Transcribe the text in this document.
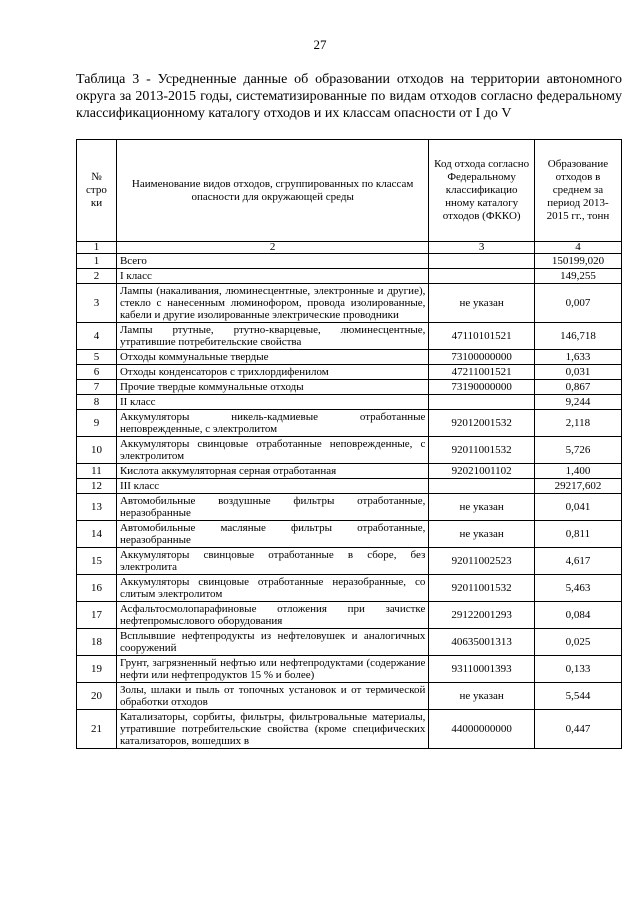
27
Таблица 3 - Усредненные данные об образовании отходов на территории автономного округа за 2013-2015 годы, систематизированные по видам отходов согласно федеральному классификационному каталогу отходов и их классам опасности от I до V
№ стро ки	Наименование видов отходов, сгруппированных по классам опасности для окружающей среды	Код отхода согласно Федеральному классификацио нному каталогу отходов (ФККО)	Образование отходов в среднем за период 2013-2015 гг., тонн
1	2	3	4
1	Всего		150199,020
2	I класс		149,255
3	Лампы (накаливания, люминесцентные, электронные и другие), стекло с нанесенным люминофором, провода изолированные, кабели и другие изолированные электрические проводники	не указан	0,007
4	Лампы ртутные, ртутно-кварцевые, люминесцентные, утратившие потребительские свойства	47110101521	146,718
5	Отходы коммунальные твердые	73100000000	1,633
6	Отходы конденсаторов с трихлордифенилом	47211001521	0,031
7	Прочие твердые коммунальные отходы	73190000000	0,867
8	II класс		9,244
9	Аккумуляторы никель-кадмиевые отработанные неповрежденные, с электролитом	92012001532	2,118
10	Аккумуляторы свинцовые отработанные неповрежденные, с электролитом	92011001532	5,726
11	Кислота аккумуляторная серная отработанная	92021001102	1,400
12	III класс		29217,602
13	Автомобильные воздушные фильтры отработанные, неразобранные	не указан	0,041
14	Автомобильные масляные фильтры отработанные, неразобранные	не указан	0,811
15	Аккумуляторы свинцовые отработанные в сборе, без электролита	92011002523	4,617
16	Аккумуляторы свинцовые отработанные неразобранные, со слитым электролитом	92011001532	5,463
17	Асфальтосмолопарафиновые отложения при зачистке нефтепромыслового оборудования	29122001293	0,084
18	Всплывшие нефтепродукты из нефтеловушек и аналогичных сооружений	40635001313	0,025
19	Грунт, загрязненный нефтью или нефтепродуктами (содержание нефти или нефтепродуктов 15 % и более)	93110001393	0,133
20	Золы, шлаки и пыль от топочных установок и от термической обработки отходов	не указан	5,544
21	Катализаторы, сорбиты, фильтры, фильтровальные материалы, утратившие потребительские свойства (кроме специфических катализаторов, вошедших в	44000000000	0,447
